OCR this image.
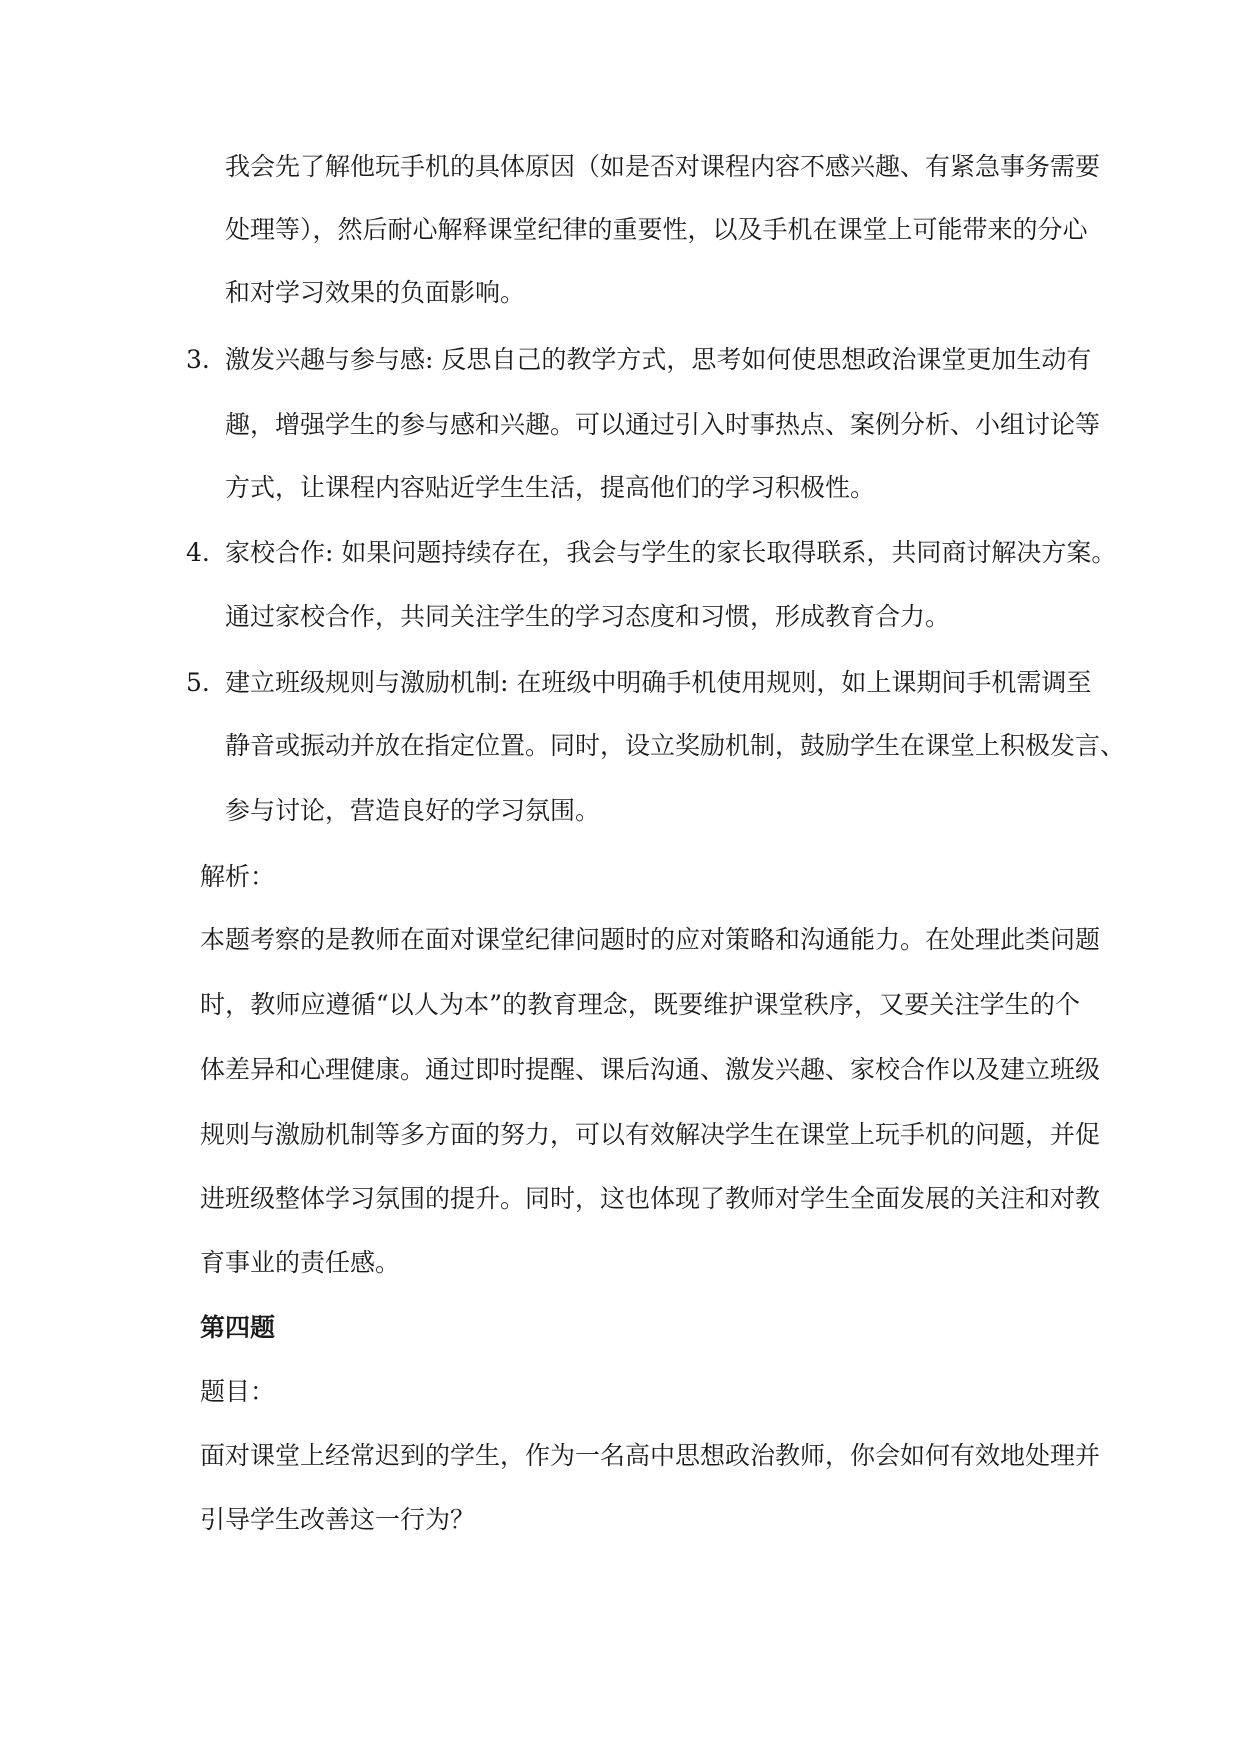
我会先了解他玩手机的具体原因（如是否对课程内容不感兴趣、有紧急事务需要
处理等），然后耐心解释课堂纪律的重要性，以及手机在课堂上可能带来的分心
和对学习效果的负面影响。
3. 激发兴趣与参与感: 反思自己的教学方式，思考如何使思想政治课堂更加生动有
趣，增强学生的参与感和兴趣。可以通过引入时事热点、案例分析、小组讨论等
方式，让课程内容贴近学生生活，提高他们的学习积极性。
4. 家校合作: 如果问题持续存在，我会与学生的家长取得联系，共同商讨解决方案。
通过家校合作，共同关注学生的学习态度和习惯，形成教育合力。
5. 建立班级规则与激励机制: 在班级中明确手机使用规则，如上课期间手机需调至
静音或振动并放在指定位置。同时，设立奖励机制，鼓励学生在课堂上积极发言、
参与讨论，营造良好的学习氛围。
解析：
本题考察的是教师在面对课堂纪律问题时的应对策略和沟通能力。在处理此类问题
时，教师应遵循“以人为本”的教育理念，既要维护课堂秩序，又要关注学生的个
体差异和心理健康。通过即时提醒、课后沟通、激发兴趣、家校合作以及建立班级
规则与激励机制等多方面的努力，可以有效解决学生在课堂上玩手机的问题，并促
进班级整体学习氛围的提升。同时，这也体现了教师对学生全面发展的关注和对教
育事业的责任感。
第四题
题目：
面对课堂上经常迟到的学生，作为一名高中思想政治教师，你会如何有效地处理并
引导学生改善这一行为？
